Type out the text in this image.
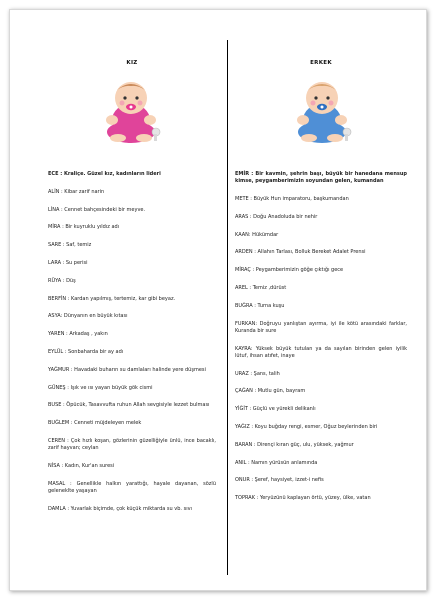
KIZ

ECE : Kraliçe. Güzel kız, kadınların lideri

ALİN : Kibar zarif narin

LİNA : Cennet bahçesindeki bir meyve.

MİRA : Bir kuyruklu yıldız adı

SARE : Saf, temiz

LARA : Su perisi

RÜYA : Düş

BERFİN : Kardan yapılmış, tertemiz, kar gibi beyaz.

ASYA: Dünyanın en büyük kıtası

YAREN : Arkadaş , yakın

EYLÜL : Sonbaharda bir ay adı

YAĞMUR : Havadaki buharın su damlaları halinde yere düşmesi

GÜNEŞ : Işık ve ısı yayan büyük gök cismi

BUSE : Öpücük, Tasavvufta ruhun Allah sevgisiyle lezzet bulması

BUĞLEM : Cenneti müjdeleyen melek

CEREN : Çok hızlı koşan, gözlerinin güzelliğiyle ünlü, ince bacaklı, zarif hayvan; ceylan

NİSA : Kadın, Kur'an suresi

MASAL : Genellikle halkın yarattığı, hayale dayanan, sözlü geleneklte yaşayan

DAMLA : Yuvarlak biçimde, çok küçük miktarda su vb. sıvı

ERKEK

EMİR : Bir kavmin, şehrin başı, büyük bir hanedana mensup kimse, peygamberimizin soyundan gelen, kumandan

METE : Büyük Hun imparatoru, başkumandan

ARAS : Doğu Anadoluda bir nehir

KAAN: Hükümdar

ARDEN : Allahın Tarlası, Bolluk Bereket Adalet Prensi

MİRAÇ : Peygamberimizin göğe çıktığı gece

AREL : Temiz ,dürüst

BUĞRA : Turna kuşu

FURKAN: Doğruyu yanlıştan ayırma, iyi ile kötü arasındaki farklar, Kuranda bir sure

KAYRA: Yüksek büyük tutulan ya da sayılan birinden gelen iyilik lütuf, ihsan atıfet, inaye

URAZ : Şans, talih

ÇAĞAN : Mutlu gün, bayram

YİĞİT : Güçlü ve yürekli delikanlı

YAĞIZ : Koyu buğday rengi, esmer, Oğuz beylerinden biri

BARAN : Dirençi kıran güç, ulu, yüksek, yağmur

ANIL : Namın yürüsün anlamında

ONUR : Şeref, haysiyet, izzet-i nefis

TOPRAK : Yeryüzünü kaplayan örtü, yüzey, ülke, vatan
